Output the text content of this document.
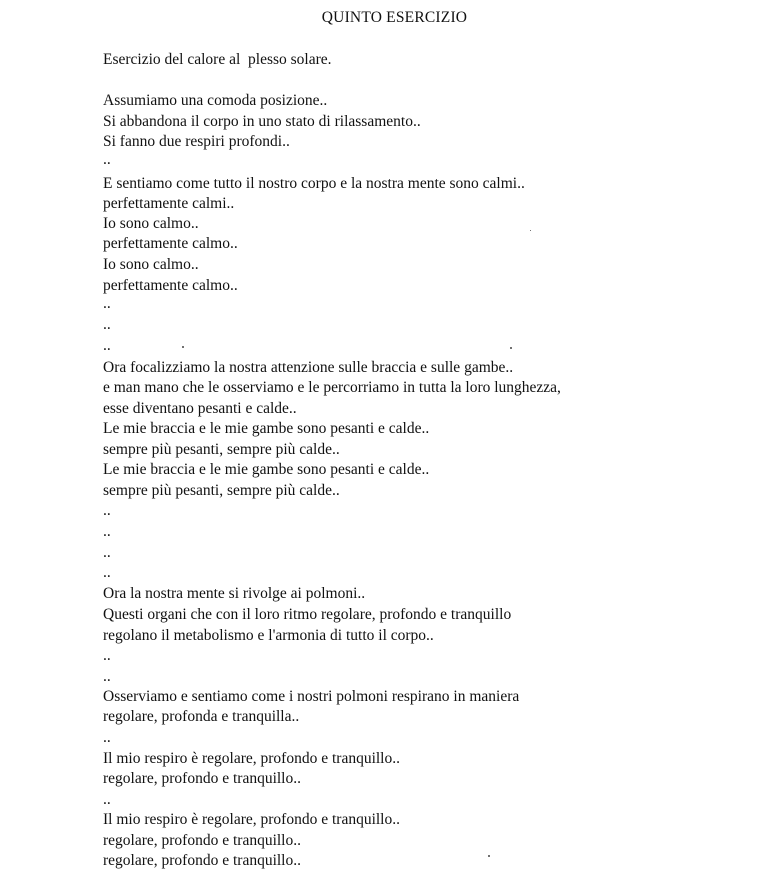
QUINTO ESERCIZIO
Esercizio del calore al  plesso solare.
Assumiamo una comoda posizione..
Si abbandona il corpo in uno stato di rilassamento..
Si fanno due respiri profondi..
..
E sentiamo come tutto il nostro corpo e la nostra mente sono calmi..
perfettamente calmi..
Io sono calmo..
perfettamente calmo..
Io sono calmo..
perfettamente calmo..
..
..
..
Ora focalizziamo la nostra attenzione sulle braccia e sulle gambe..
e man mano che le osserviamo e le percorriamo in tutta la loro lunghezza,
esse diventano pesanti e calde..
Le mie braccia e le mie gambe sono pesanti e calde..
sempre più pesanti, sempre più calde..
Le mie braccia e le mie gambe sono pesanti e calde..
sempre più pesanti, sempre più calde..
..
..
..
..
Ora la nostra mente si rivolge ai polmoni..
Questi organi che con il loro ritmo regolare, profondo e tranquillo
regolano il metabolismo e l'armonia di tutto il corpo..
..
..
Osserviamo e sentiamo come i nostri polmoni respirano in maniera
regolare, profonda e tranquilla..
..
Il mio respiro è regolare, profondo e tranquillo..
regolare, profondo e tranquillo..
..
Il mio respiro è regolare, profondo e tranquillo..
regolare, profondo e tranquillo..
regolare, profondo e tranquillo..
